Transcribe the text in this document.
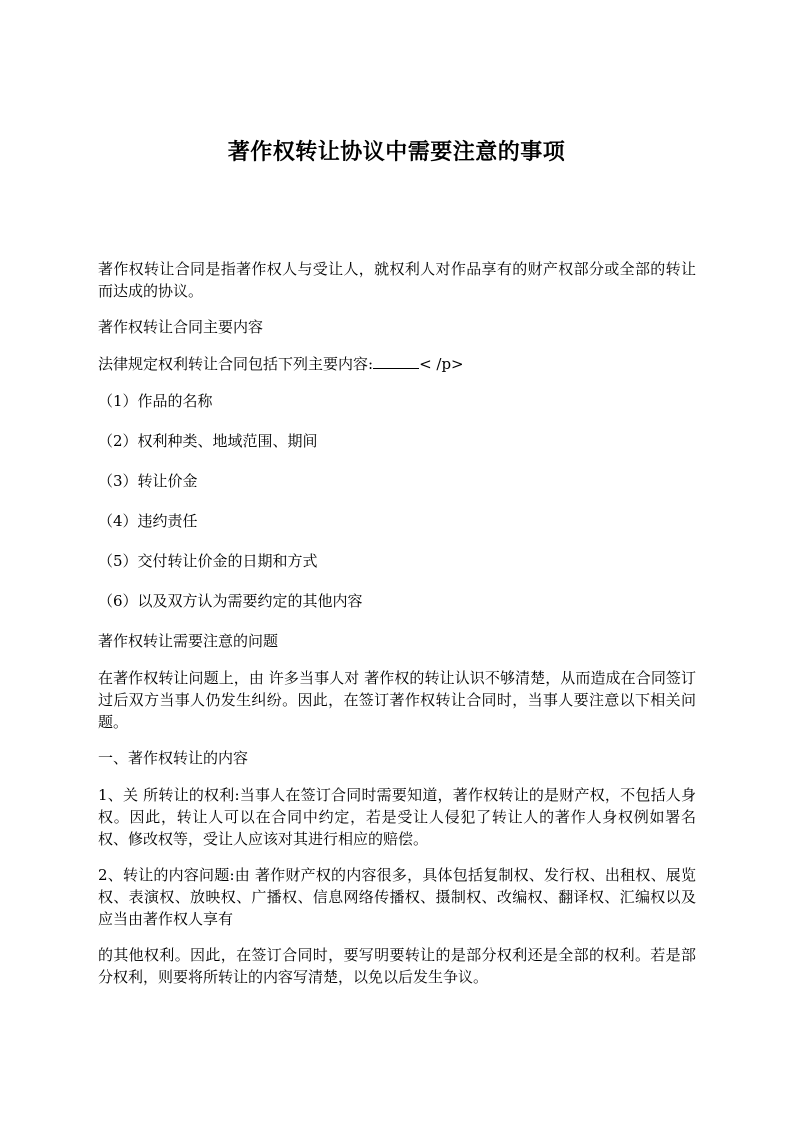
著作权转让协议中需要注意的事项

著作权转让合同是指著作权人与受让人，就权利人对作品享有的财产权部分或全部的转让而达成的协议。

著作权转让合同主要内容

法律规定权利转让合同包括下列主要内容:	< /p>

（1）作品的名称

（2）权利种类、地域范围、期间

（3）转让价金

（4）违约责任

（5）交付转让价金的日期和方式

（6）以及双方认为需要约定的其他内容

著作权转让需要注意的问题

在著作权转让问题上，由 许多当事人对 著作权的转让认识不够清楚，从而造成在合同签订过后双方当事人仍发生纠纷。因此，在签订著作权转让合同时，当事人要注意以下相关问题。

一、著作权转让的内容

1、关 所转让的权利:当事人在签订合同时需要知道，著作权转让的是财产权，不包括人身权。因此，转让人可以在合同中约定，若是受让人侵犯了转让人的著作人身权例如署名权、修改权等，受让人应该对其进行相应的赔偿。

2、转让的内容问题:由 著作财产权的内容很多，具体包括复制权、发行权、出租权、展览权、表演权、放映权、广播权、信息网络传播权、摄制权、改编权、翻译权、汇编权以及应当由著作权人享有

的其他权利。因此，在签订合同时，要写明要转让的是部分权利还是全部的权利。若是部分权利，则要将所转让的内容写清楚，以免以后发生争议。
